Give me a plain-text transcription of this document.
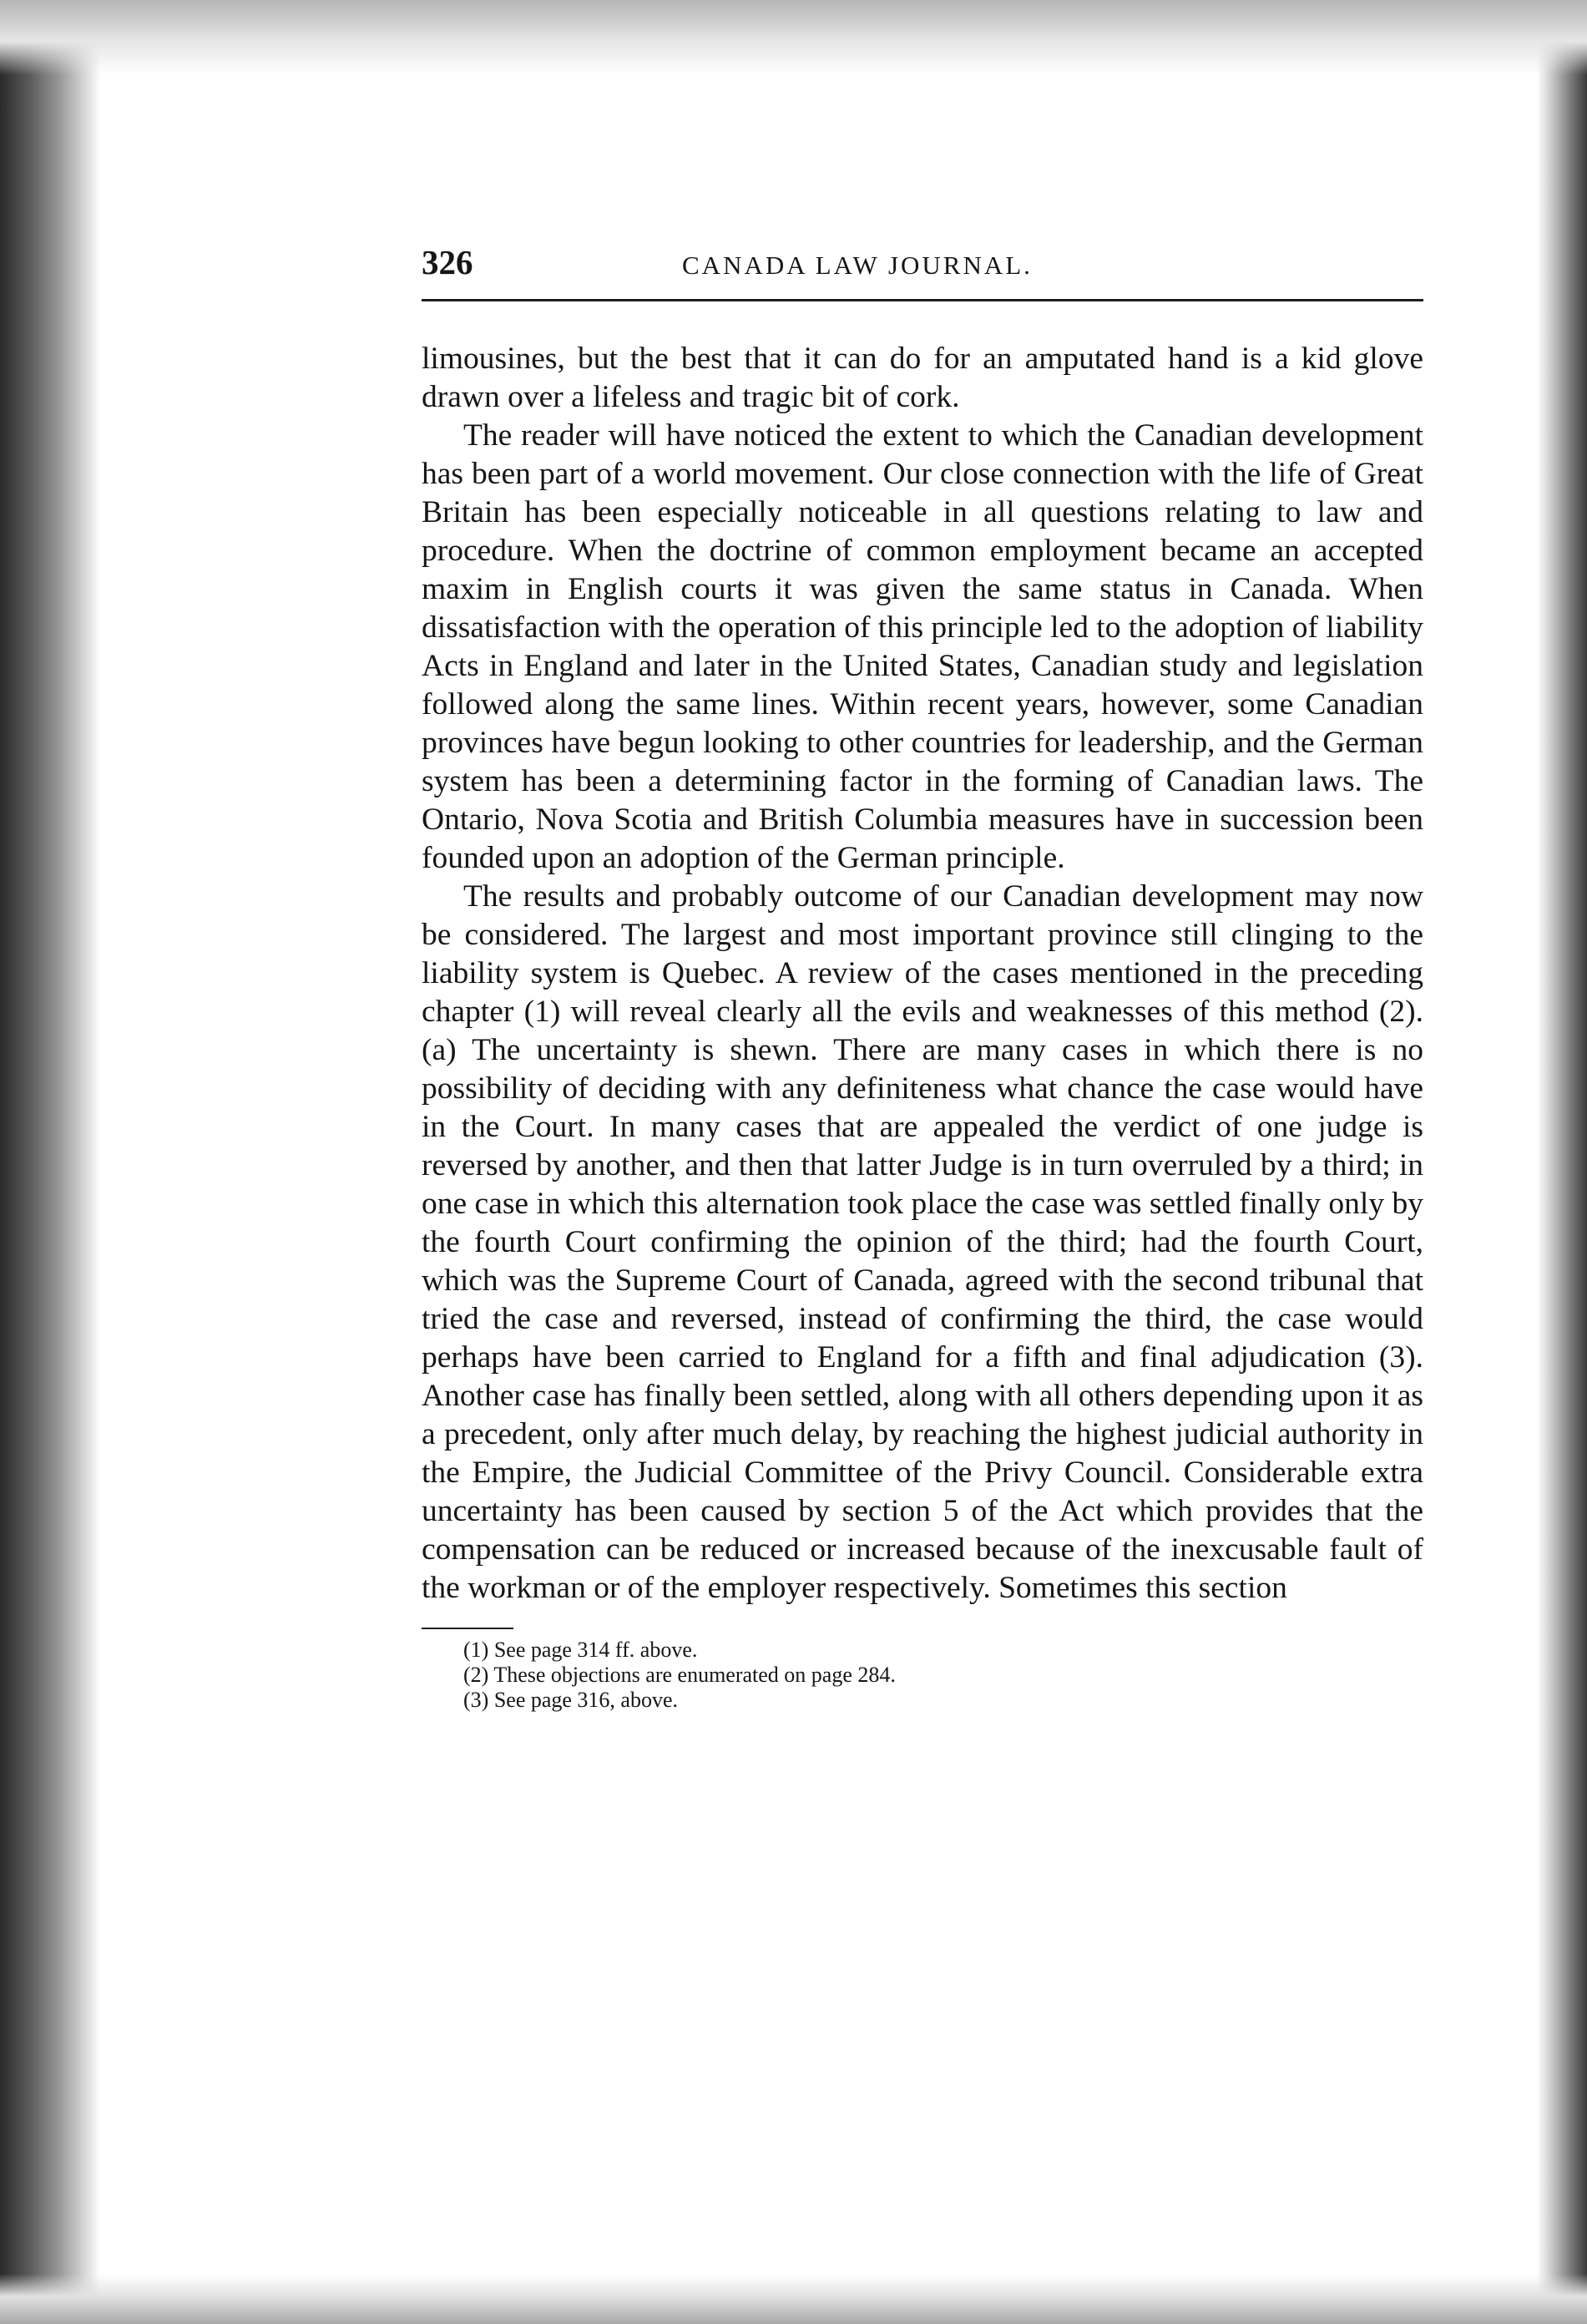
326	CANADA LAW JOURNAL.

limousines, but the best that it can do for an amputated hand is a kid glove drawn over a lifeless and tragic bit of cork.

The reader will have noticed the extent to which the Canadian development has been part of a world movement. Our close connection with the life of Great Britain has been especially noticeable in all questions relating to law and procedure. When the doctrine of common employment became an accepted maxim in English courts it was given the same status in Canada. When dissatisfaction with the operation of this principle led to the adoption of liability Acts in England and later in the United States, Canadian study and legislation followed along the same lines. Within recent years, however, some Canadian provinces have begun looking to other countries for leadership, and the German system has been a determining factor in the forming of Canadian laws. The Ontario, Nova Scotia and British Columbia measures have in succession been founded upon an adoption of the German principle.

The results and probably outcome of our Canadian development may now be considered. The largest and most important province still clinging to the liability system is Quebec. A review of the cases mentioned in the preceding chapter (1) will reveal clearly all the evils and weaknesses of this method (2). (a) The uncertainty is shewn. There are many cases in which there is no possibility of deciding with any definiteness what chance the case would have in the Court. In many cases that are appealed the verdict of one judge is reversed by another, and then that latter Judge is in turn overruled by a third; in one case in which this alternation took place the case was settled finally only by the fourth Court confirming the opinion of the third; had the fourth Court, which was the Supreme Court of Canada, agreed with the second tribunal that tried the case and reversed, instead of confirming the third, the case would perhaps have been carried to England for a fifth and final adjudication (3). Another case has finally been settled, along with all others depending upon it as a precedent, only after much delay, by reaching the highest judicial authority in the Empire, the Judicial Committee of the Privy Council. Considerable extra uncertainty has been caused by section 5 of the Act which provides that the compensation can be reduced or increased because of the inexcusable fault of the workman or of the employer respectively. Sometimes this section

(1) See page 314 ff. above.
(2) These objections are enumerated on page 284.
(3) See page 316, above.
